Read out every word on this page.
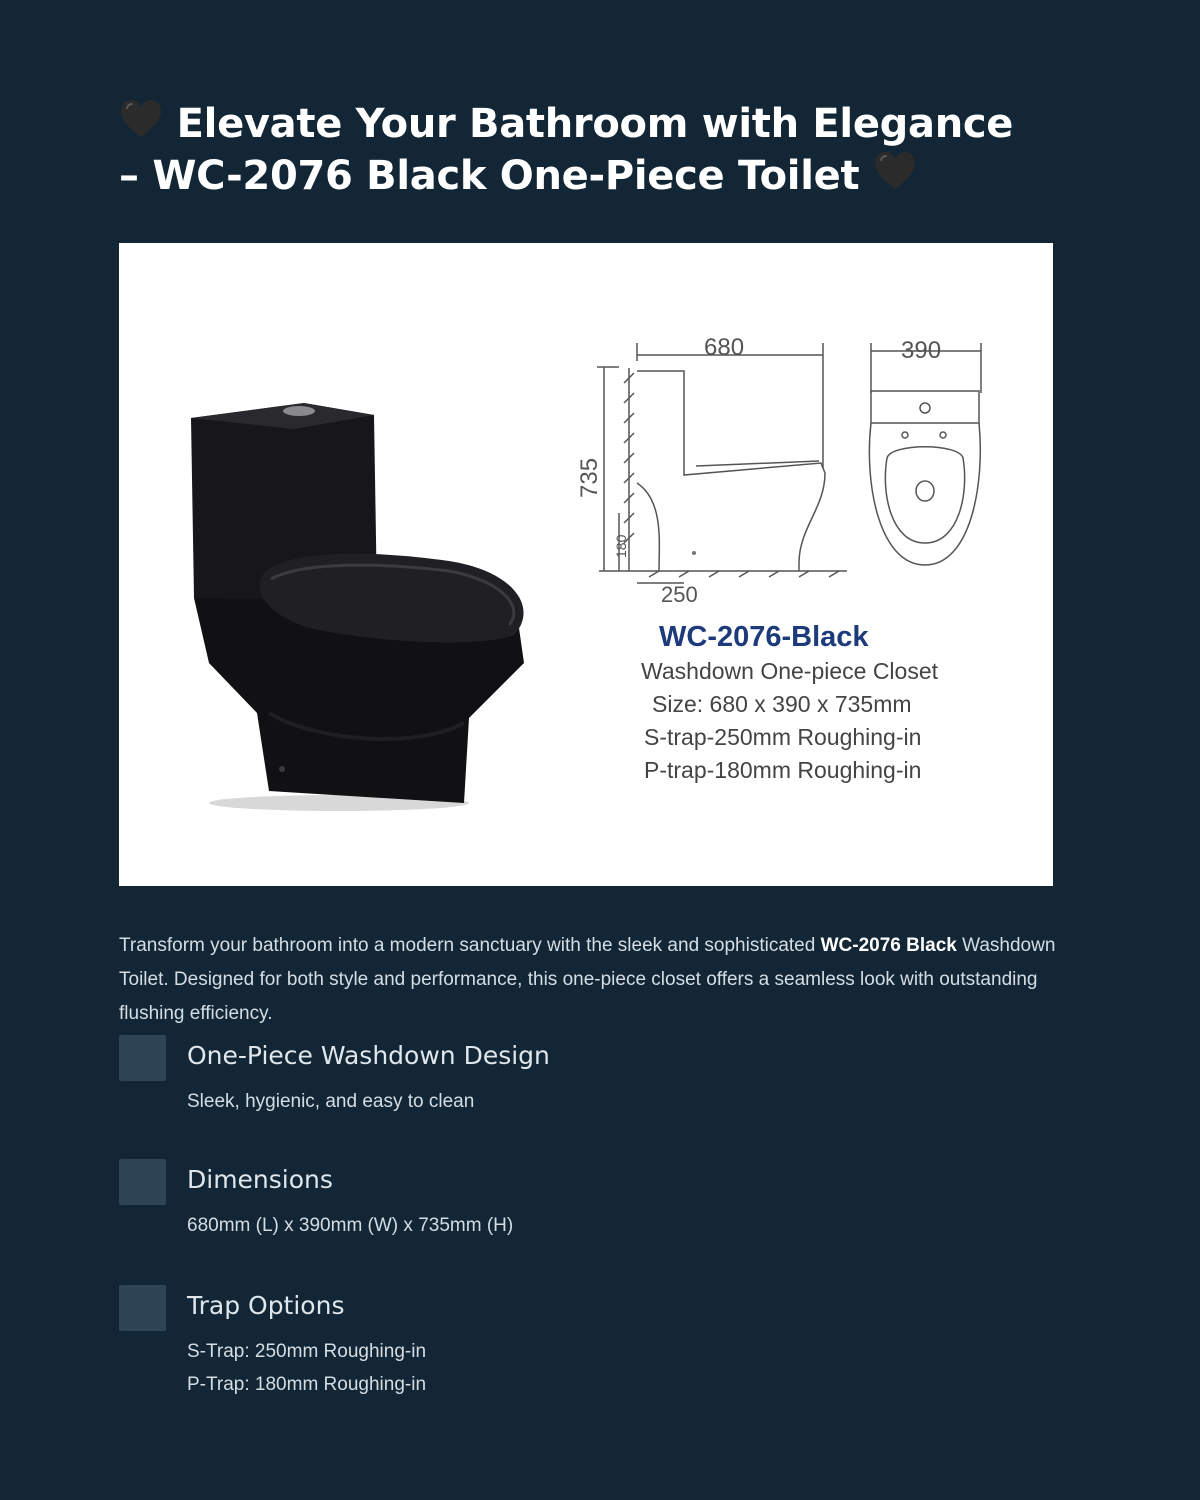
Elevate Your Bathroom with Elegance
– WC-2076 Black One-Piece Toilet
680
735
180
250
390
WC-2076-Black
Washdown One-piece Closet
Size: 680 x 390 x 735mm
S-trap-250mm Roughing-in
P-trap-180mm Roughing-in

Transform your bathroom into a modern sanctuary with the sleek and sophisticated WC-2076 Black Washdown Toilet. Designed for both style and performance, this one-piece closet offers a seamless look with outstanding flushing efficiency.

One-Piece Washdown Design
Sleek, hygienic, and easy to clean
Dimensions
680mm (L) x 390mm (W) x 735mm (H)
Trap Options
S-Trap: 250mm Roughing-in
P-Trap: 180mm Roughing-in
